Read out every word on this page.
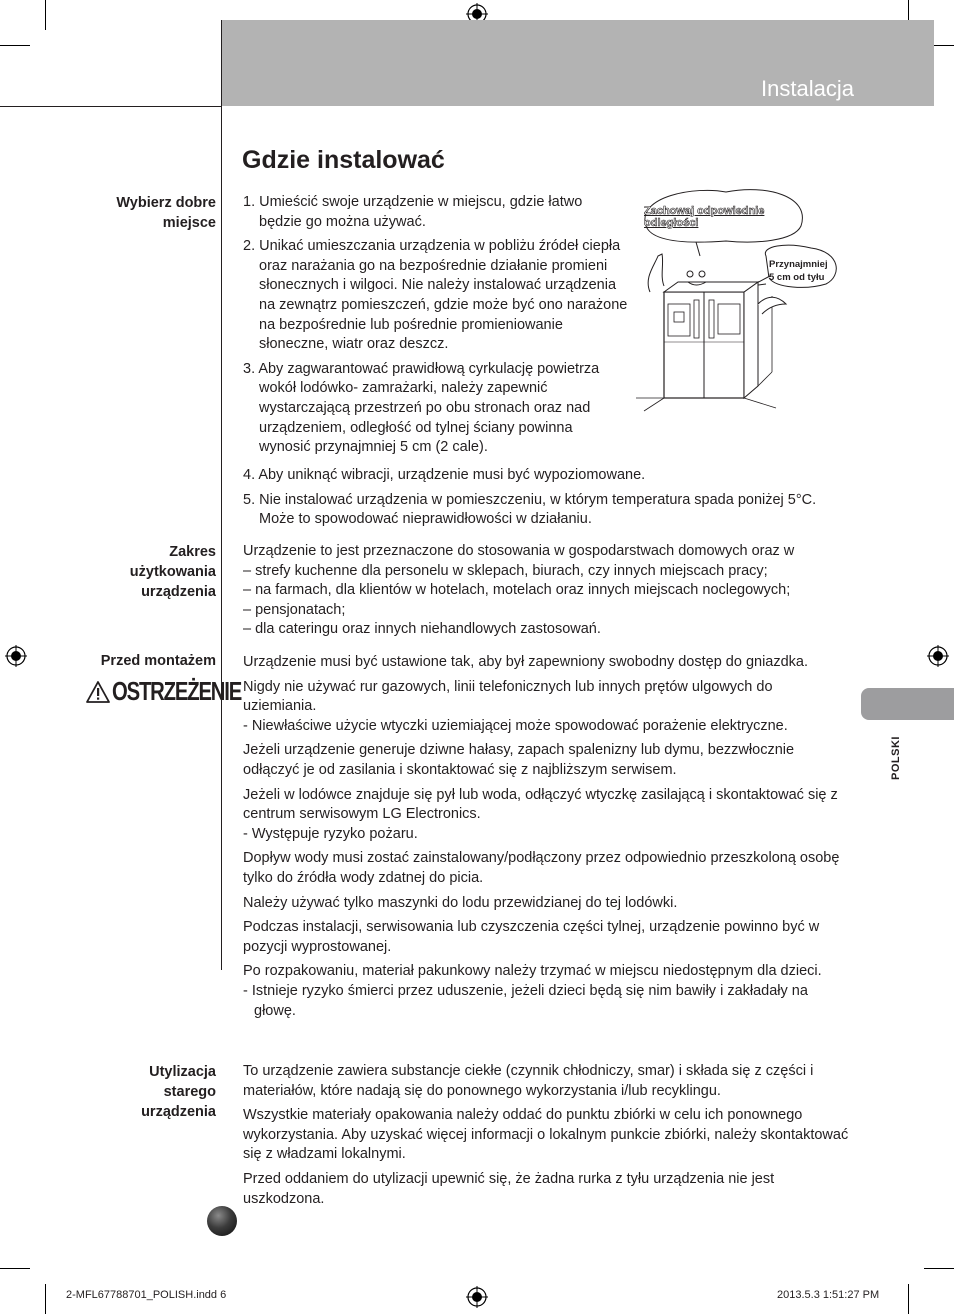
Instalacja
Gdzie instalować
Wybierz dobre
miejsce

1. Umieścić swoje urządzenie w miejscu, gdzie łatwo będzie go można używać.

2. Unikać umieszczania urządzenia w pobliżu źródeł ciepła oraz narażania go na bezpośrednie działanie promieni słonecznych i wilgoci. Nie należy instalować urządzenia na zewnątrz pomieszczeń, gdzie może być ono narażone na bezpośrednie lub pośrednie promieniowanie słoneczne, wiatr oraz deszcz.

3. Aby zagwarantować prawidłową cyrkulację powietrza wokół lodówko- zamrażarki, należy zapewnić wystarczającą przestrzeń po obu stronach oraz nad urządzeniem, odległość od tylnej ściany powinna wynosić przynajmniej 5 cm (2 cale).

4. Aby uniknąć wibracji, urządzenie musi być wypoziomowane.

5. Nie instalować urządzenia w pomieszczeniu, w którym temperatura spada poniżej 5°C. Może to spowodować nieprawidłowości w działaniu.

Zachowaj odpowiednie
odległości
Przynajmniej
5 cm od tyłu
Zakres
użytkowania
urządzenia
Urządzenie to jest przeznaczone do stosowania w gospodarstwach domowych oraz w
– strefy kuchenne dla personelu w sklepach, biurach, czy innych miejscach pracy;
– na farmach, dla klientów w hotelach, motelach oraz innych miejscach noclegowych;
– pensjonatach;
– dla cateringu oraz innych niehandlowych zastosowań.
Przed montażem
OSTRZEŻENIE

Urządzenie musi być ustawione tak, aby był zapewniony swobodny dostęp do gniazdka.

Nigdy nie używać rur gazowych, linii telefonicznych lub innych prętów ulgowych do uziemiania.

- Niewłaściwe użycie wtyczki uziemiającej może spowodować porażenie elektryczne.

Jeżeli urządzenie generuje dziwne hałasy, zapach spalenizny lub dymu, bezzwłocznie odłączyć je od zasilania i skontaktować się z najbliższym serwisem.

Jeżeli w lodówce znajduje się pył lub woda, odłączyć wtyczkę zasilającą i skontaktować się z centrum serwisowym LG Electronics.

- Występuje ryzyko pożaru.

Dopływ wody musi zostać zainstalowany/podłączony przez odpowiednio przeszkoloną osobę tylko do źródła wody zdatnej do picia.

Należy używać tylko maszynki do lodu przewidzianej do tej lodówki.

Podczas instalacji, serwisowania lub czyszczenia części tylnej, urządzenie powinno być w pozycji wyprostowanej.

Po rozpakowaniu, materiał pakunkowy należy trzymać w miejscu niedostępnym dla dzieci.

- Istnieje ryzyko śmierci przez uduszenie, jeżeli dzieci będą się nim bawiły i zakładały na głowę.

Utylizacja
starego
urządzenia

To urządzenie zawiera substancje ciekłe (czynnik chłodniczy, smar) i składa się z części i materiałów, które nadają się do ponownego wykorzystania i/lub recyklingu.

Wszystkie materiały opakowania należy oddać do punktu zbiórki w celu ich ponownego wykorzystania. Aby uzyskać więcej informacji o lokalnym punkcie zbiórki, należy skontaktować się z władzami lokalnymi.

Przed oddaniem do utylizacji upewnić się, że żadna rurka z tyłu urządzenia nie jest uszkodzona.

POLSKI
2-MFL67788701_POLISH.indd 6	2013.5.3 1:51:27 PM
